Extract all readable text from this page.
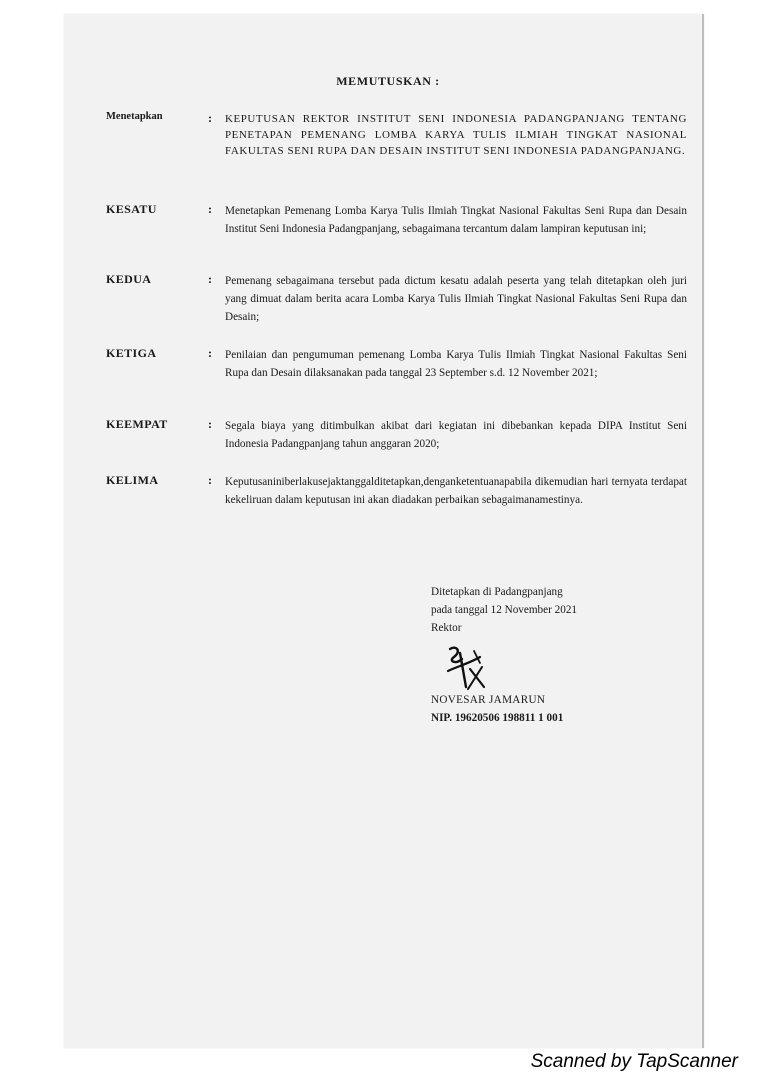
MEMUTUSKAN :
Menetapkan	: KEPUTUSAN REKTOR INSTITUT SENI INDONESIA PADANGPANJANG TENTANG PENETAPAN PEMENANG LOMBA KARYA TULIS ILMIAH TINGKAT NASIONAL FAKULTAS SENI RUPA DAN DESAIN INSTITUT SENI INDONESIA PADANGPANJANG.
KESATU	: Menetapkan Pemenang Lomba Karya Tulis Ilmiah Tingkat Nasional Fakultas Seni Rupa dan Desain Institut Seni Indonesia Padangpanjang, sebagaimana tercantum dalam lampiran keputusan ini;
KEDUA	: Pemenang sebagaimana tersebut pada dictum kesatu adalah peserta yang telah ditetapkan oleh juri yang dimuat dalam berita acara Lomba Karya Tulis Ilmiah Tingkat Nasional Fakultas Seni Rupa dan Desain;
KETIGA	: Penilaian dan pengumuman pemenang Lomba Karya Tulis Ilmiah Tingkat Nasional Fakultas Seni Rupa dan Desain dilaksanakan pada tanggal 23 September s.d. 12 November 2021;
KEEMPAT	: Segala biaya yang ditimbulkan akibat dari kegiatan ini dibebankan kepada DIPA Institut Seni Indonesia Padangpanjang tahun anggaran 2020;
KELIMA	: Keputusaniniberlakusejaktanggalditetapkan,denganketentuanapabila dikemudian hari ternyata terdapat kekeliruan dalam keputusan ini akan diadakan perbaikan sebagaimanamestinya.
Ditetapkan di Padangpanjang
pada tanggal 12 November 2021
Rektor
NOVESAR JAMARUN
NIP. 19620506 198811 1 001
Scanned by TapScanner
